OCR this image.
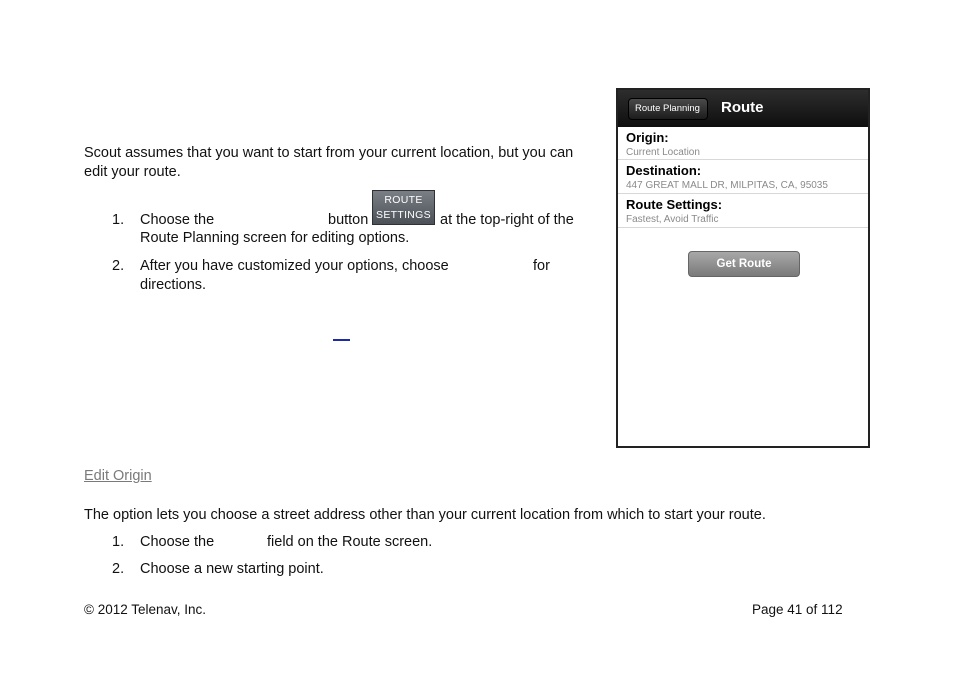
Scout assumes that you want to start from your current location, but you can
edit your route.
1. Choose the	button
ROUTE
SETTINGS at the top-right of the
Route Planning screen for editing options.
2. After you have customized your options, choose	for
directions.
Route Planning	Route
Origin:
Current Location
Destination:
447 GREAT MALL DR, MILPITAS, CA, 95035
Route Settings:
Fastest, Avoid Traffic
Get Route
Edit Origin
The option lets you choose a street address other than your current location from which to start your route.
1. Choose the	field on the Route screen.
2. Choose a new starting point.
© 2012 Telenav, Inc.	Page 41 of 112
